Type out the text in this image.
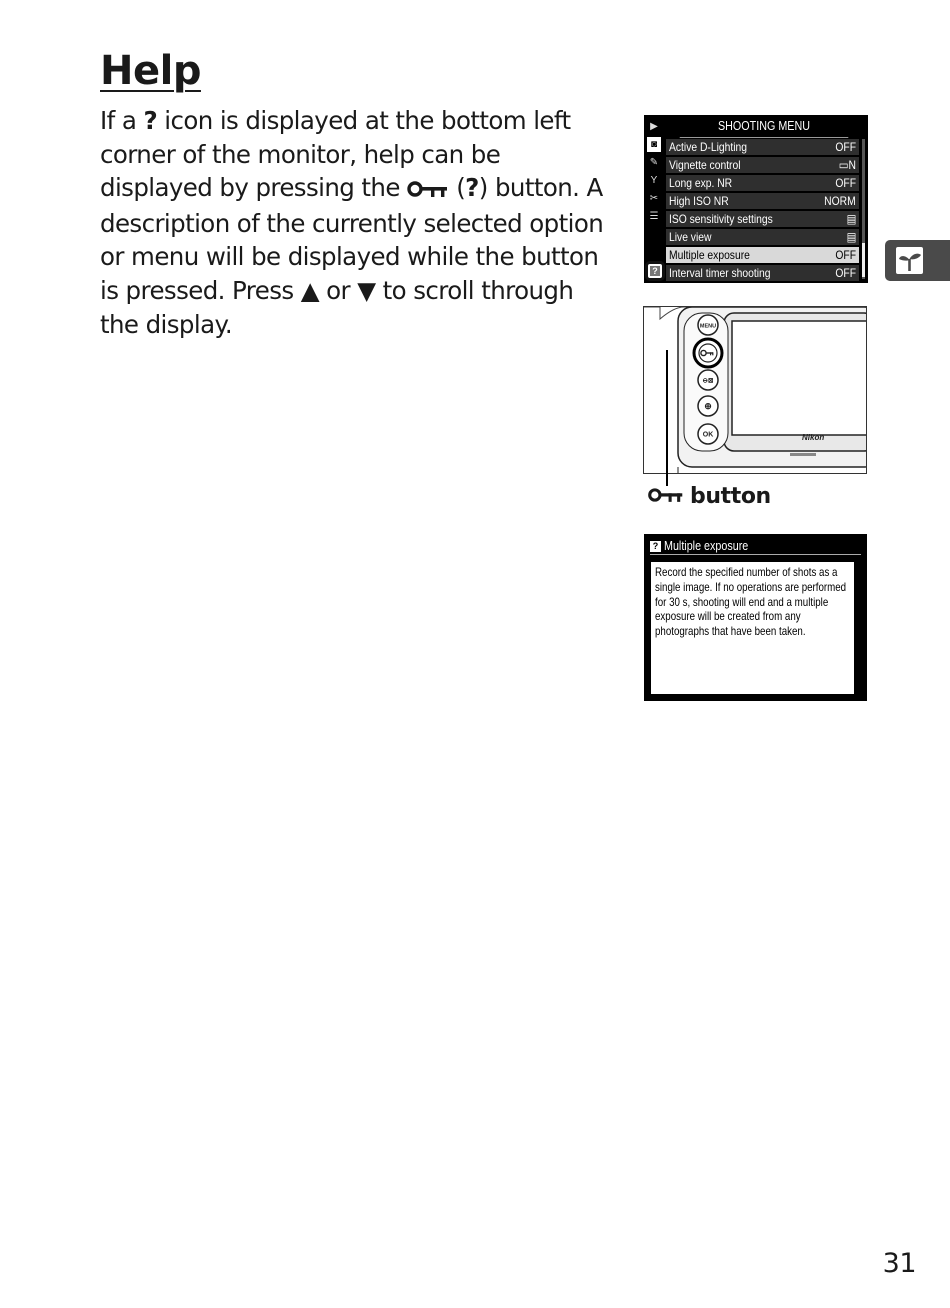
Help

If a ? icon is displayed at the bottom left corner of the monitor, help can be displayed by pressing the  (?) button. A description of the currently selected option or menu will be displayed while the button is pressed. Press ▲ or ▼ to scroll through the display.

▶
◙
✎
Y
✂
☰
SHOOTING MENU
Active D-Lighting	OFF
Vignette control	▭N
Long exp. NR	OFF
High ISO NR	NORM
ISO sensitivity settings	▤
Live view	▤
Multiple exposure	OFF
Interval timer shooting	OFF
?
Nikon
MENU
⊖⊠
⊕
OK
button
? Multiple exposure
Record the specified number of shots as a single image. If no operations are performed for 30 s, shooting will end and a multiple exposure will be created from any photographs that have been taken.
31
